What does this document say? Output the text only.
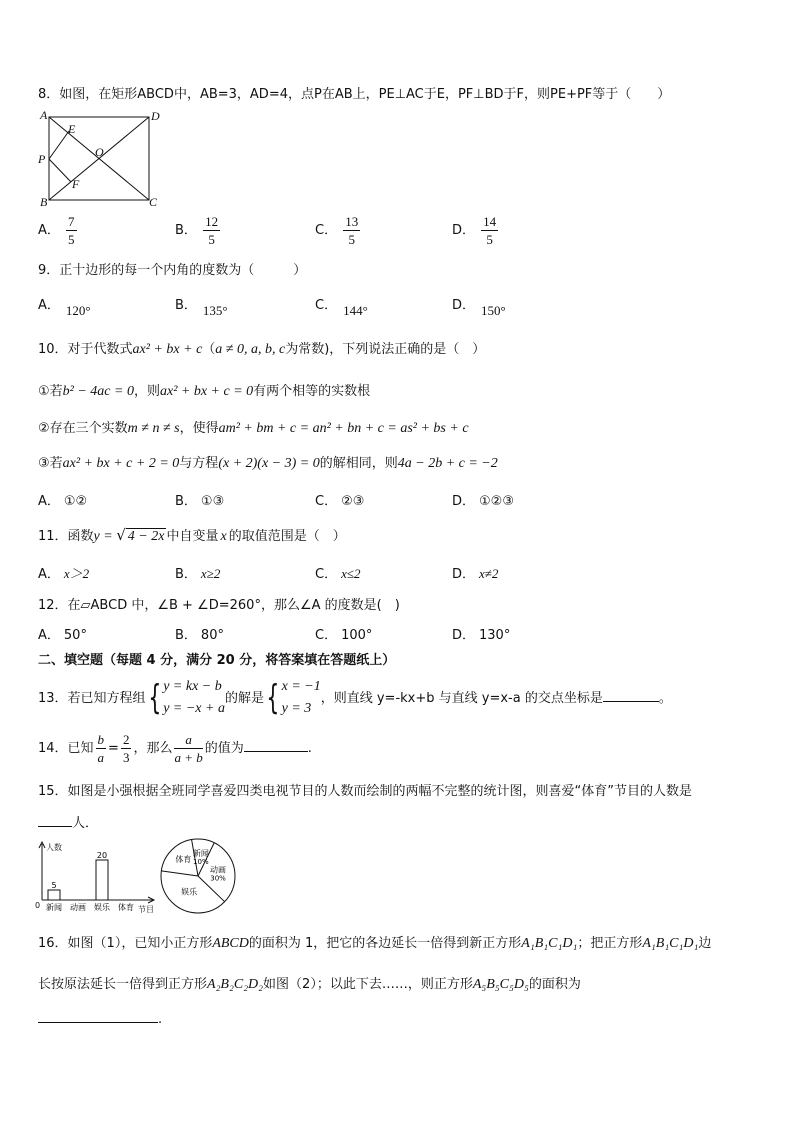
8．如图，在矩形ABCD中，AB=3，AD=4，点P在AB上，PE⊥AC于E，PF⊥BD于F，则PE+PF等于（　　）
A
B	C
D
E
F
O
P
A． $\frac{7}{5}$	B． $\frac{12}{5}$	C． $\frac{13}{5}$	D． $\frac{14}{5}$
9．正十边形的每一个内角的度数为（　　　）
A． 120°	B． 135°	C． 144°	D． 150°
10．对于代数式ax² + bx + c（a ≠ 0, a, b, c为常数)，下列说法正确的是（　）
①若b² − 4ac = 0，则ax² + bx + c = 0有两个相等的实数根
②存在三个实数m ≠ n ≠ s，使得am² + bm + c = an² + bn + c = as² + bs + c
③若ax² + bx + c + 2 = 0与方程(x + 2)(x − 3) = 0的解相同，则4a − 2b + c = −2
A． ①②	B． ①③	C． ②③	D． ①②③
11．函数y = √ 4 − 2x 中自变量 x 的取值范围是（　）
A． x＞2	B． x≥2	C． x≤2	D． x≠2
12．在▱ABCD 中，∠B + ∠D=260°，那么∠A 的度数是(　)
A． 50°	B． 80°	C． 100°	D． 130°
二、填空题（每题 4 分，满分 20 分，将答案填在答题纸上）
13．若已知方程组{ y = kx − b
y = −x + a
的解是{ x = −1
y = 3
，则直线 y=-kx+b 与直线 y=x-a 的交点坐标是	。
14．已知 $\frac{b}{a} = \frac{2}{3}$ ，那么 $\frac{a}{a + b}$ 的值为	.
15．如图是小强根据全班同学喜爱四类电视节目的人数而绘制的两幅不完整的统计图，则喜爱“体育”节目的人数是
人．
5
新闻 动画
20
娱乐 体育
人数
节目
0
新闻
10%
动画
30%
娱乐
体育
16．如图（1），已知小正方形ABCD的面积为 1，把它的各边延长一倍得到新正方形A₁B₁C₁D₁；把正方形A₁B₁C₁D₁边
长按原法延长一倍得到正方形A₂B₂C₂D₂如图（2）；以此下去……，则正方形A₅B₅C₅D₅的面积为
.
